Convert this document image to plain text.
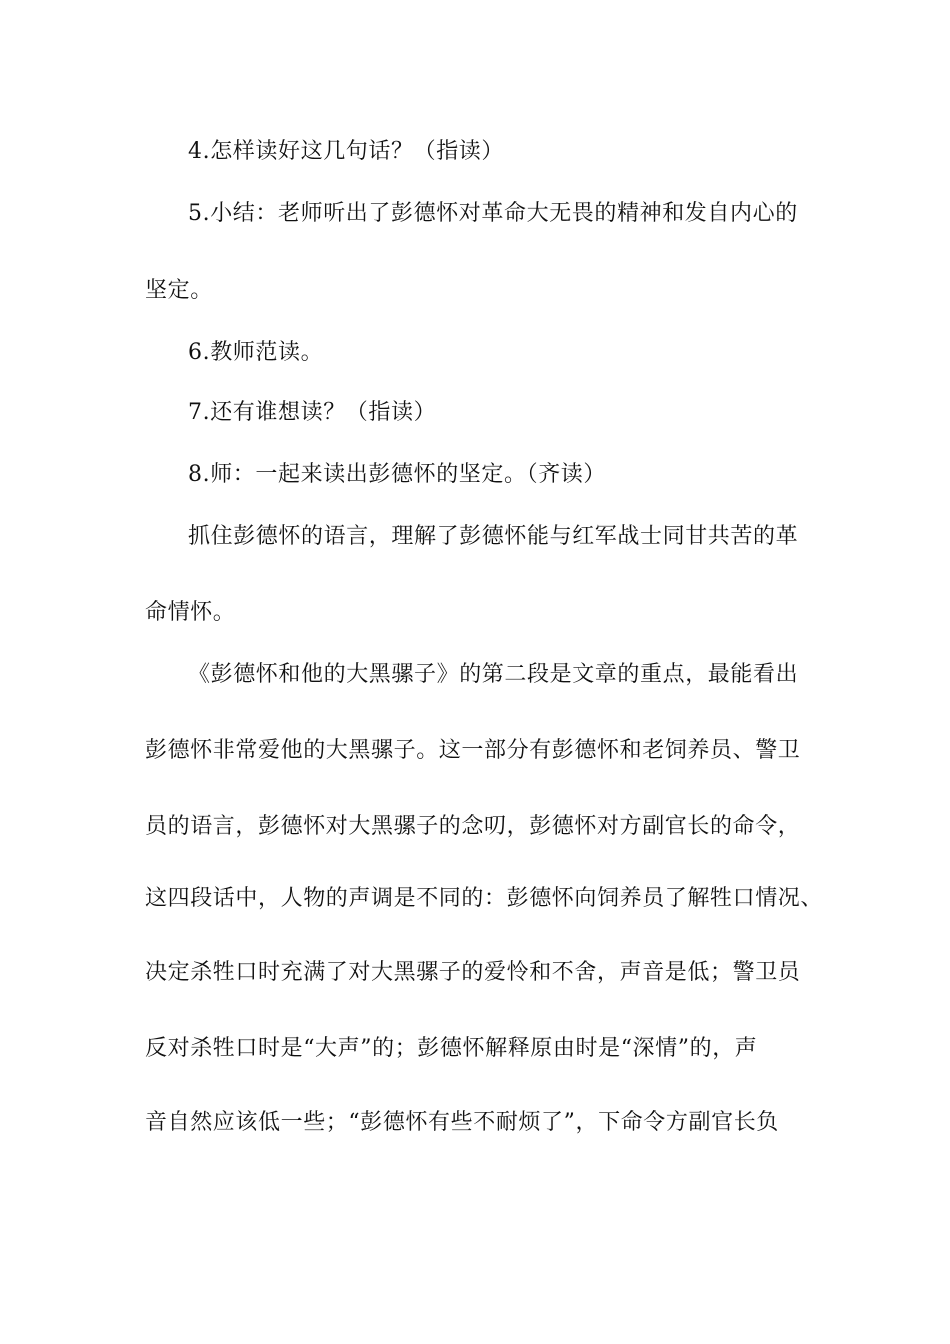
4.怎样读好这几句话？（指读）
5.小结：老师听出了彭德怀对革命大无畏的精神和发自内心的
坚定。
6.教师范读。
7.还有谁想读？（指读）
8.师：一起来读出彭德怀的坚定。（齐读）
抓住彭德怀的语言，理解了彭德怀能与红军战士同甘共苦的革
命情怀。
《彭德怀和他的大黑骡子》的第二段是文章的重点，最能看出
彭德怀非常爱他的大黑骡子。这一部分有彭德怀和老饲养员、警卫
员的语言，彭德怀对大黑骡子的念叨，彭德怀对方副官长的命令，
这四段话中，人物的声调是不同的：彭德怀向饲养员了解牲口情况、
决定杀牲口时充满了对大黑骡子的爱怜和不舍，声音是低；警卫员
反对杀牲口时是“大声”的；彭德怀解释原由时是“深情”的，声
音自然应该低一些；“彭德怀有些不耐烦了”，下命令方副官长负
